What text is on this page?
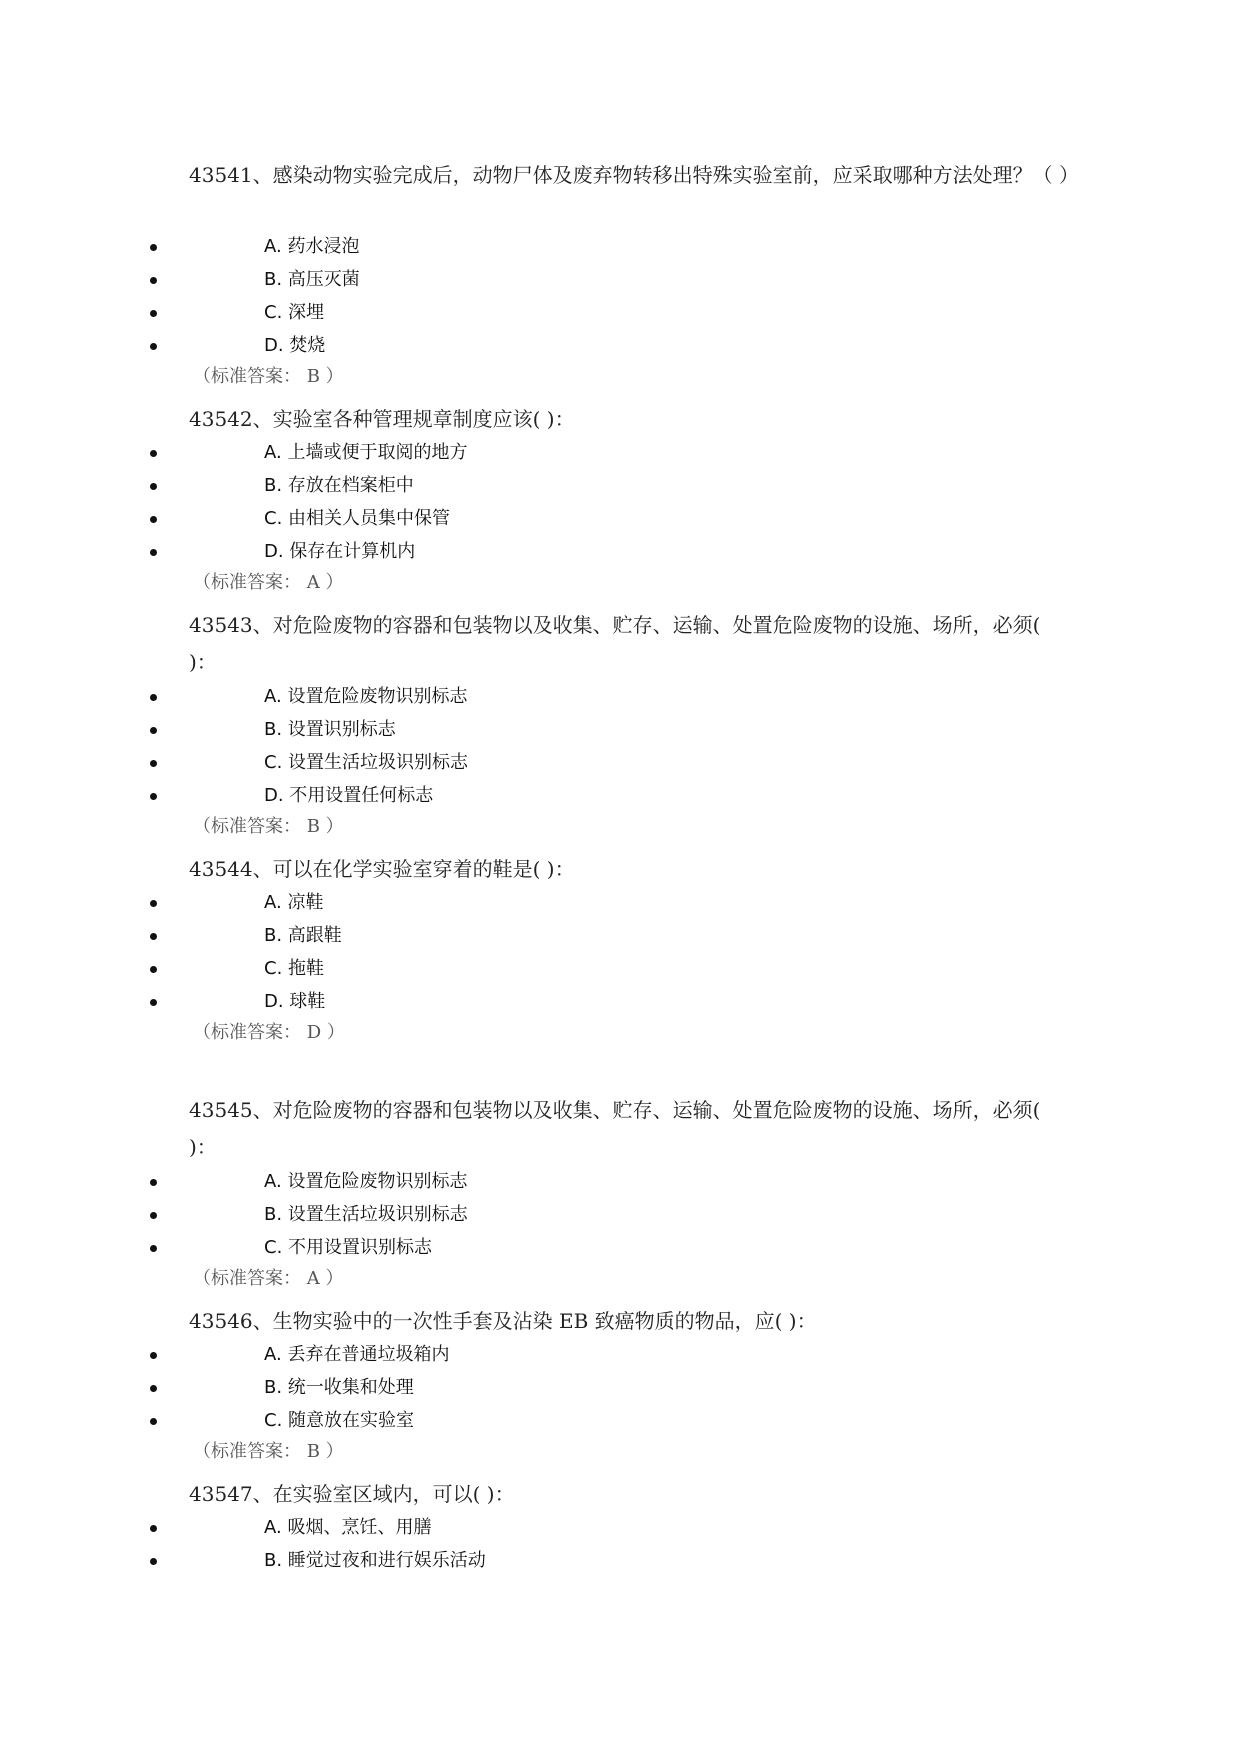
43541、感染动物实验完成后，动物尸体及废弃物转移出特殊实验室前，应采取哪种方法处理？（ ）

A. 药水浸泡
B. 高压灭菌
C. 深埋
D. 焚烧
（标准答案： B ）

43542、实验室各种管理规章制度应该( )：

A. 上墙或便于取阅的地方
B. 存放在档案柜中
C. 由相关人员集中保管
D. 保存在计算机内
（标准答案： A ）

43543、对危险废物的容器和包装物以及收集、贮存、运输、处置危险废物的设施、场所，必须( )：

A. 设置危险废物识别标志
B. 设置识别标志
C. 设置生活垃圾识别标志
D. 不用设置任何标志
（标准答案： B ）

43544、可以在化学实验室穿着的鞋是( )：

A. 凉鞋
B. 高跟鞋
C. 拖鞋
D. 球鞋
（标准答案： D ）

43545、对危险废物的容器和包装物以及收集、贮存、运输、处置危险废物的设施、场所，必须( )：

A. 设置危险废物识别标志
B. 设置生活垃圾识别标志
C. 不用设置识别标志
（标准答案： A ）

43546、生物实验中的一次性手套及沾染 EB 致癌物质的物品，应( )：

A. 丢弃在普通垃圾箱内
B. 统一收集和处理
C. 随意放在实验室
（标准答案： B ）

43547、在实验室区域内，可以( )：

A. 吸烟、烹饪、用膳
B. 睡觉过夜和进行娱乐活动
